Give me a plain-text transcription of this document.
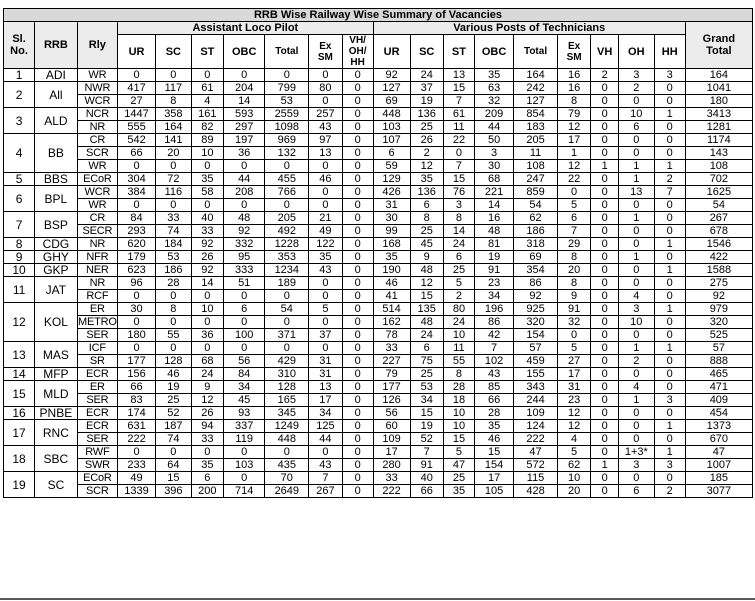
RRB Wise Railway Wise Summary of Vacancies																			
Sl.
No.	RRB	Rly	Assistant Loco Pilot							Various Posts of Technicians									Grand
Total
			UR	SC	ST	OBC	Total	Ex
SM	VH/
OH/
HH	UR	SC	ST	OBC	Total	Ex
SM	VH	OH	HH	
1	ADI	WR	0	0	0	0	0	0	0	92	24	13	35	164	16	2	3	3	164
2	All	NWR	417	117	61	204	799	80	0	127	37	15	63	242	16	0	2	0	1041
		WCR	27	8	4	14	53	0	0	69	19	7	32	127	8	0	0	0	180
3	ALD	NCR	1447	358	161	593	2559	257	0	448	136	61	209	854	79	0	10	1	3413
		NR	555	164	82	297	1098	43	0	103	25	11	44	183	12	0	6	0	1281
4	BB	CR	542	141	89	197	969	97	0	107	26	22	50	205	17	0	0	0	1174
		SCR	66	20	10	36	132	13	0	6	2	0	3	11	1	0	0	0	143
		WR	0	0	0	0	0	0	0	59	12	7	30	108	12	1	1	1	108
5	BBS	ECoR	304	72	35	44	455	46	0	129	35	15	68	247	22	0	1	2	702
6	BPL	WCR	384	116	58	208	766	0	0	426	136	76	221	859	0	0	13	7	1625
		WR	0	0	0	0	0	0	0	31	6	3	14	54	5	0	0	0	54
7	BSP	CR	84	33	40	48	205	21	0	30	8	8	16	62	6	0	1	0	267
		SECR	293	74	33	92	492	49	0	99	25	14	48	186	7	0	0	0	678
8	CDG	NR	620	184	92	332	1228	122	0	168	45	24	81	318	29	0	0	1	1546
9	GHY	NFR	179	53	26	95	353	35	0	35	9	6	19	69	8	0	1	0	422
10	GKP	NER	623	186	92	333	1234	43	0	190	48	25	91	354	20	0	0	1	1588
11	JAT	NR	96	28	14	51	189	0	0	46	12	5	23	86	8	0	0	0	275
		RCF	0	0	0	0	0	0	0	41	15	2	34	92	9	0	4	0	92
12	KOL	ER	30	8	10	6	54	5	0	514	135	80	196	925	91	0	3	1	979
		METRO	0	0	0	0	0	0	0	162	48	24	86	320	32	0	10	0	320
		SER	180	55	36	100	371	37	0	78	24	10	42	154	0	0	0	0	525
13	MAS	ICF	0	0	0	0	0	0	0	33	6	11	7	57	5	0	1	1	57
		SR	177	128	68	56	429	31	0	227	75	55	102	459	27	0	2	0	888
14	MFP	ECR	156	46	24	84	310	31	0	79	25	8	43	155	17	0	0	0	465
15	MLD	ER	66	19	9	34	128	13	0	177	53	28	85	343	31	0	4	0	471
		SER	83	25	12	45	165	17	0	126	34	18	66	244	23	0	1	3	409
16	PNBE	ECR	174	52	26	93	345	34	0	56	15	10	28	109	12	0	0	0	454
17	RNC	ECR	631	187	94	337	1249	125	0	60	19	10	35	124	12	0	0	1	1373
		SER	222	74	33	119	448	44	0	109	52	15	46	222	4	0	0	0	670
18	SBC	RWF	0	0	0	0	0	0	0	17	7	5	15	47	5	0	1+3*	1	47
		SWR	233	64	35	103	435	43	0	280	91	47	154	572	62	1	3	3	1007
19	SC	ECoR	49	15	6	0	70	7	0	33	40	25	17	115	10	0	0	0	185
		SCR	1339	396	200	714	2649	267	0	222	66	35	105	428	20	0	6	2	3077
